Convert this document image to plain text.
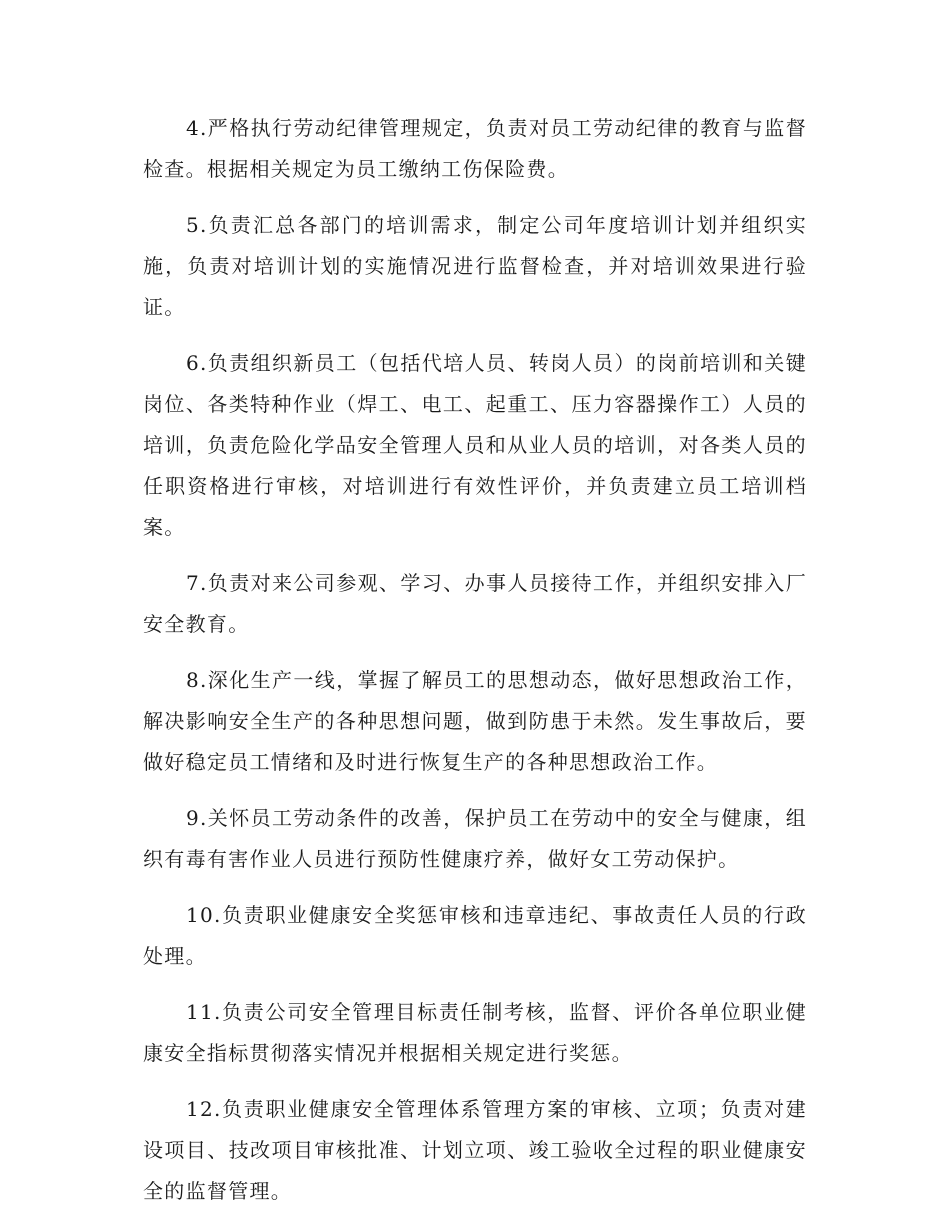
4.严格执行劳动纪律管理规定，负责对员工劳动纪律的教育与监督检查。根据相关规定为员工缴纳工伤保险费。

5.负责汇总各部门的培训需求，制定公司年度培训计划并组织实施，负责对培训计划的实施情况进行监督检查，并对培训效果进行验证。

6.负责组织新员工（包括代培人员、转岗人员）的岗前培训和关键岗位、各类特种作业（焊工、电工、起重工、压力容器操作工）人员的培训，负责危险化学品安全管理人员和从业人员的培训，对各类人员的任职资格进行审核，对培训进行有效性评价，并负责建立员工培训档案。

7.负责对来公司参观、学习、办事人员接待工作，并组织安排入厂安全教育。

8.深化生产一线，掌握了解员工的思想动态，做好思想政治工作，解决影响安全生产的各种思想问题，做到防患于未然。发生事故后，要做好稳定员工情绪和及时进行恢复生产的各种思想政治工作。

9.关怀员工劳动条件的改善，保护员工在劳动中的安全与健康，组织有毒有害作业人员进行预防性健康疗养，做好女工劳动保护。

10.负责职业健康安全奖惩审核和违章违纪、事故责任人员的行政处理。

11.负责公司安全管理目标责任制考核，监督、评价各单位职业健康安全指标贯彻落实情况并根据相关规定进行奖惩。

12.负责职业健康安全管理体系管理方案的审核、立项；负责对建设项目、技改项目审核批准、计划立项、竣工验收全过程的职业健康安全的监督管理。
